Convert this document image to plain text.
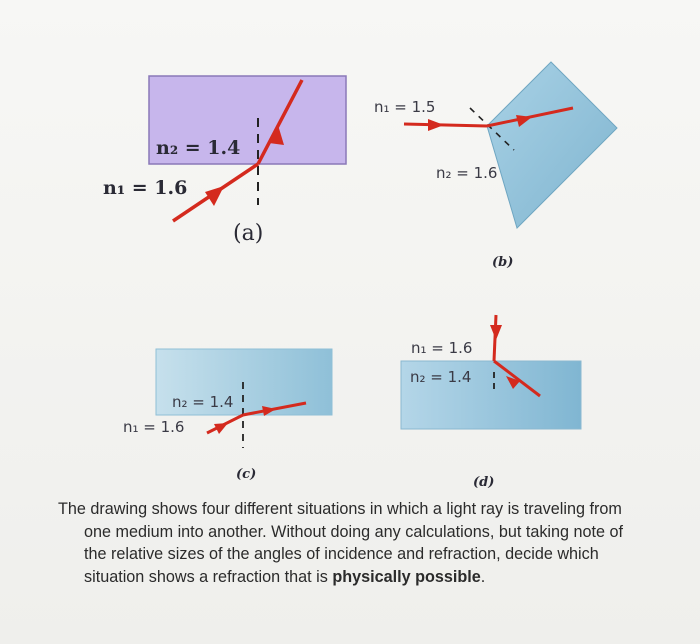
n₂ = 1.4
n₁ = 1.6
(a)
n₁ = 1.5
n₂ = 1.6
(b)
n₂ = 1.4
n₁ = 1.6
(c)
n₁ = 1.6
n₂ = 1.4
(d)

The drawing shows four different situations in which a light ray is traveling from

one medium into another. Without doing any calculations, but taking note of
the relative sizes of the angles of incidence and refraction, decide which
situation shows a refraction that is physically possible.
